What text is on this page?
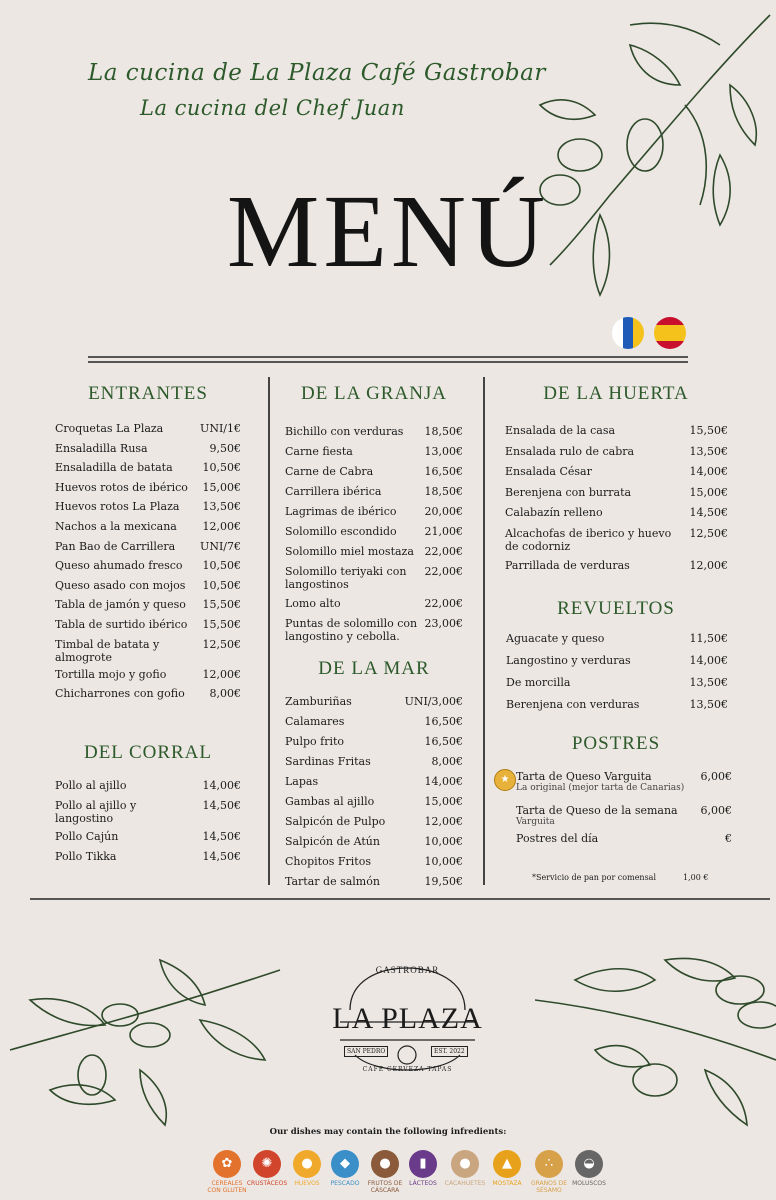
La cucina de La Plaza Café Gastrobar
La cucina del Chef Juan
MENÚ
ENTRANTES
Croquetas La Plaza	UNI/1€
Ensaladilla Rusa	9,50€
Ensaladilla de batata	10,50€
Huevos rotos de ibérico 15,00€
Huevos rotos La Plaza 13,50€
Nachos a la mexicana 12,00€
Pan Bao de Carrillera UNI/7€
Queso ahumado fresco 10,50€
Queso asado con mojos 10,50€
Tabla de jamón y queso 15,50€
Tabla de surtido ibérico 15,50€
Timbal de batata y almogrote
12,50€
Tortilla mojo y gofio	12,00€
Chicharrones con gofio 8,00€
DEL CORRAL
Pollo al ajillo	14,00€
Pollo al ajillo y langostino
14,50€
Pollo Cajún	14,50€
Pollo Tikka	14,50€
DE LA GRANJA
Bichillo con verduras 18,50€
Carne fiesta	13,00€
Carne de Cabra	16,50€
Carrillera ibérica	18,50€
Lagrimas de ibérico	20,00€
Solomillo escondido	21,00€
Solomillo miel mostaza 22,00€
Solomillo teriyaki con langostinos
22,00€
Lomo alto	22,00€
Puntas de solomillo con langostino y cebolla.
23,00€
DE LA MAR
Zamburiñas	UNI/3,00€
Calamares	16,50€
Pulpo frito	16,50€
Sardinas Fritas	8,00€
Lapas	14,00€
Gambas al ajillo	15,00€
Salpicón de Pulpo	12,00€
Salpicón de Atún	10,00€
Chopitos Fritos	10,00€
Tartar de salmón	19,50€
DE LA HUERTA
Ensalada de la casa	15,50€
Ensalada rulo de cabra	13,50€
Ensalada César	14,00€
Berenjena con burrata	15,00€
Calabazín relleno	14,50€
Alcachofas de iberico y huevo de codorniz
12,50€
Parrillada de verduras	12,00€
REVUELTOS
Aguacate y queso	11,50€
Langostino y verduras	14,00€
De morcilla	13,50€
Berenjena con verduras	13,50€
POSTRES
★ Tarta de Queso Varguita	6,00€
La original (mejor tarta de Canarias)
Tarta de Queso de la semana 6,00€
Varguita
Postres del día	€
*Servicio de pan por comensal	1,00 €
GASTROBAR
LA PLAZA
SAN PEDRO	EST. 2022
CAFE CERVEZA TAPAS
Our dishes may contain the following infredients:
✿
CEREALES CON GLUTEN
✺
CRUSTÁCEOS
●
HUEVOS
◆
PESCADO
●
FRUTOS DE CÁSCARA
▮
LÁCTEOS
●
CACAHUETES
▲
MOSTAZA
∴
GRANOS DE SÉSAMO
◒
MOLUSCOS
